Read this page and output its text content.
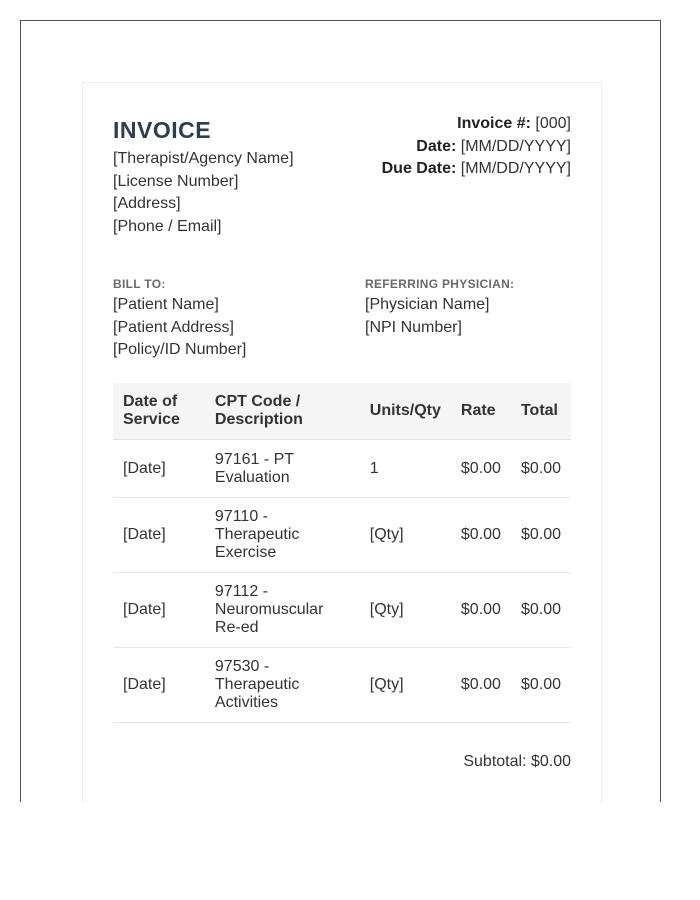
INVOICE
[Therapist/Agency Name]
[License Number]
[Address]
[Phone / Email]
Invoice #: [000]
Date: [MM/DD/YYYY]
Due Date: [MM/DD/YYYY]
BILL TO:
[Patient Name]
[Patient Address]
[Policy/ID Number]
REFERRING PHYSICIAN:
[Physician Name]
[NPI Number]
Date of Service	CPT Code / Description	Units/Qty	Rate	Total
[Date]	97161 - PT Evaluation	1	$0.00	$0.00
[Date]	97110 - Therapeutic Exercise	[Qty]	$0.00	$0.00
[Date]	97112 - Neuromuscular Re-ed	[Qty]	$0.00	$0.00
[Date]	97530 - Therapeutic Activities	[Qty]	$0.00	$0.00
Subtotal: $0.00
